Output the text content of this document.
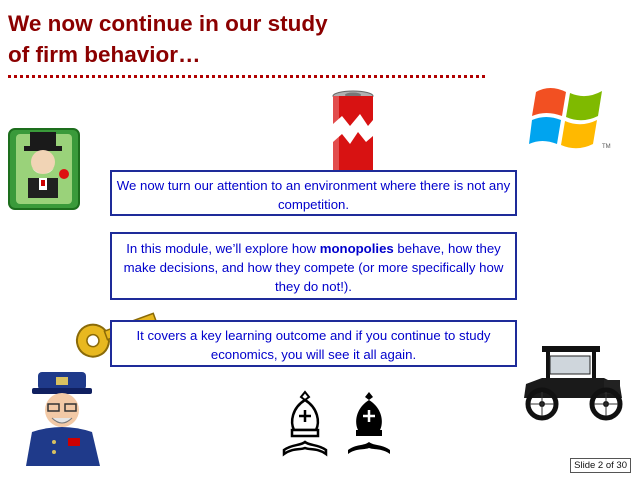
We now continue in our study
of firm behavior…
TM
We now turn our attention to an environment where there is not any competition.
In this module, we’ll explore how monopolies behave, how they make decisions, and how they compete (or more specifically how they do not!).
It covers a key learning outcome and if you continue to study economics, you will see it all again.
Slide 2 of 30
